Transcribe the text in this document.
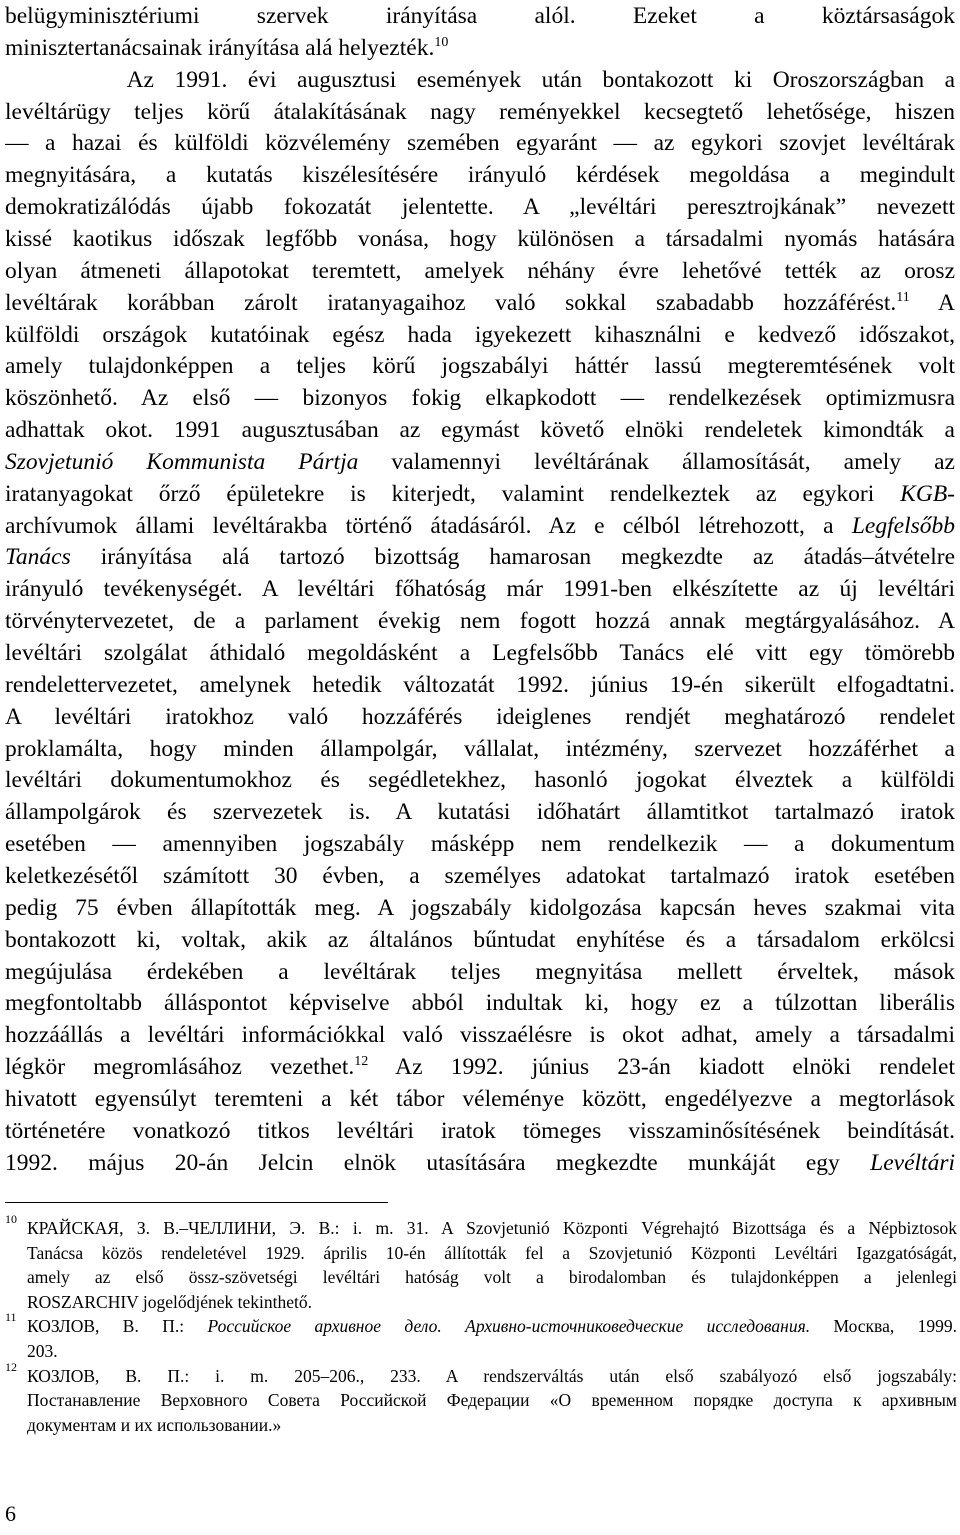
belügyminisztériumi szervek irányítása alól. Ezeket a köztársaságok
minisztertanácsainak irányítása alá helyezték.$^{10}$
Az 1991. évi augusztusi események után bontakozott ki Oroszországban a
levéltárügy teljes körű átalakításának nagy reményekkel kecsegtető lehetősége, hiszen
— a hazai és külföldi közvélemény szemében egyaránt — az egykori szovjet levéltárak
megnyitására, a kutatás kiszélesítésére irányuló kérdések megoldása a megindult
demokratizálódás újabb fokozatát jelentette. A „levéltári peresztrojkának” nevezett
kissé kaotikus időszak legfőbb vonása, hogy különösen a társadalmi nyomás hatására
olyan átmeneti állapotokat teremtett, amelyek néhány évre lehetővé tették az orosz
levéltárak korábban zárolt iratanyagaihoz való sokkal szabadabb hozzáférést.$^{11}$ A
külföldi országok kutatóinak egész hada igyekezett kihasználni e kedvező időszakot,
amely tulajdonképpen a teljes körű jogszabályi háttér lassú megteremtésének volt
köszönhető. Az első — bizonyos fokig elkapkodott — rendelkezések optimizmusra
adhattak okot. 1991 augusztusában az egymást követő elnöki rendeletek kimondták a
Szovjetunió Kommunista Pártja valamennyi levéltárának államosítását, amely az
iratanyagokat őrző épületekre is kiterjedt, valamint rendelkeztek az egykori KGB-
archívumok állami levéltárakba történő átadásáról. Az e célból létrehozott, a Legfelsőbb
Tanács irányítása alá tartozó bizottság hamarosan megkezdte az átadás–átvételre
irányuló tevékenységét. A levéltári főhatóság már 1991-ben elkészítette az új levéltári
törvénytervezetet, de a parlament évekig nem fogott hozzá annak megtárgyalásához. A
levéltári szolgálat áthidaló megoldásként a Legfelsőbb Tanács elé vitt egy tömörebb
rendelettervezetet, amelynek hetedik változatát 1992. június 19-én sikerült elfogadtatni.
A levéltári iratokhoz való hozzáférés ideiglenes rendjét meghatározó rendelet
proklamálta, hogy minden állampolgár, vállalat, intézmény, szervezet hozzáférhet a
levéltári dokumentumokhoz és segédletekhez, hasonló jogokat élveztek a külföldi
állampolgárok és szervezetek is. A kutatási időhatárt államtitkot tartalmazó iratok
esetében — amennyiben jogszabály másképp nem rendelkezik — a dokumentum
keletkezésétől számított 30 évben, a személyes adatokat tartalmazó iratok esetében
pedig 75 évben állapították meg. A jogszabály kidolgozása kapcsán heves szakmai vita
bontakozott ki, voltak, akik az általános bűntudat enyhítése és a társadalom erkölcsi
megújulása érdekében a levéltárak teljes megnyitása mellett érveltek, mások
megfontoltabb álláspontot képviselve abból indultak ki, hogy ez a túlzottan liberális
hozzáállás a levéltári információkkal való visszaélésre is okot adhat, amely a társadalmi
légkör megromlásához vezethet.$^{12}$ Az 1992. június 23-án kiadott elnöki rendelet
hivatott egyensúlyt teremteni a két tábor véleménye között, engedélyezve a megtorlások
történetére vonatkozó titkos levéltári iratok tömeges visszaminősítésének beindítását.
1992. május 20-án Jelcin elnök utasítására megkezdte munkáját egy Levéltári
10 КРАЙСКАЯ, З. В.–ЧЕЛЛИНИ, Э. В.: i. m. 31. A Szovjetunió Központi Végrehajtó Bizottsága és a Népbiztosok
Tanácsa közös rendeletével 1929. április 10-én állították fel a Szovjetunió Központi Levéltári Igazgatóságát,
amely az első össz-szövetségi levéltári hatóság volt a birodalomban és tulajdonképpen a jelenlegi
ROSZARCHIV jogelődjének tekinthető.
11 КОЗЛОВ, В. П.: Российское архивное дело. Архивно-источниковедческие исследования. Москва, 1999.
203.
12 КОЗЛОВ, В. П.: i. m. 205–206., 233. A rendszerváltás után első szabályozó első jogszabály:
Постанавление Верховного Совета Российской Федерации «О временном порядке доступа к архивным
документам и их использовании.»
6
